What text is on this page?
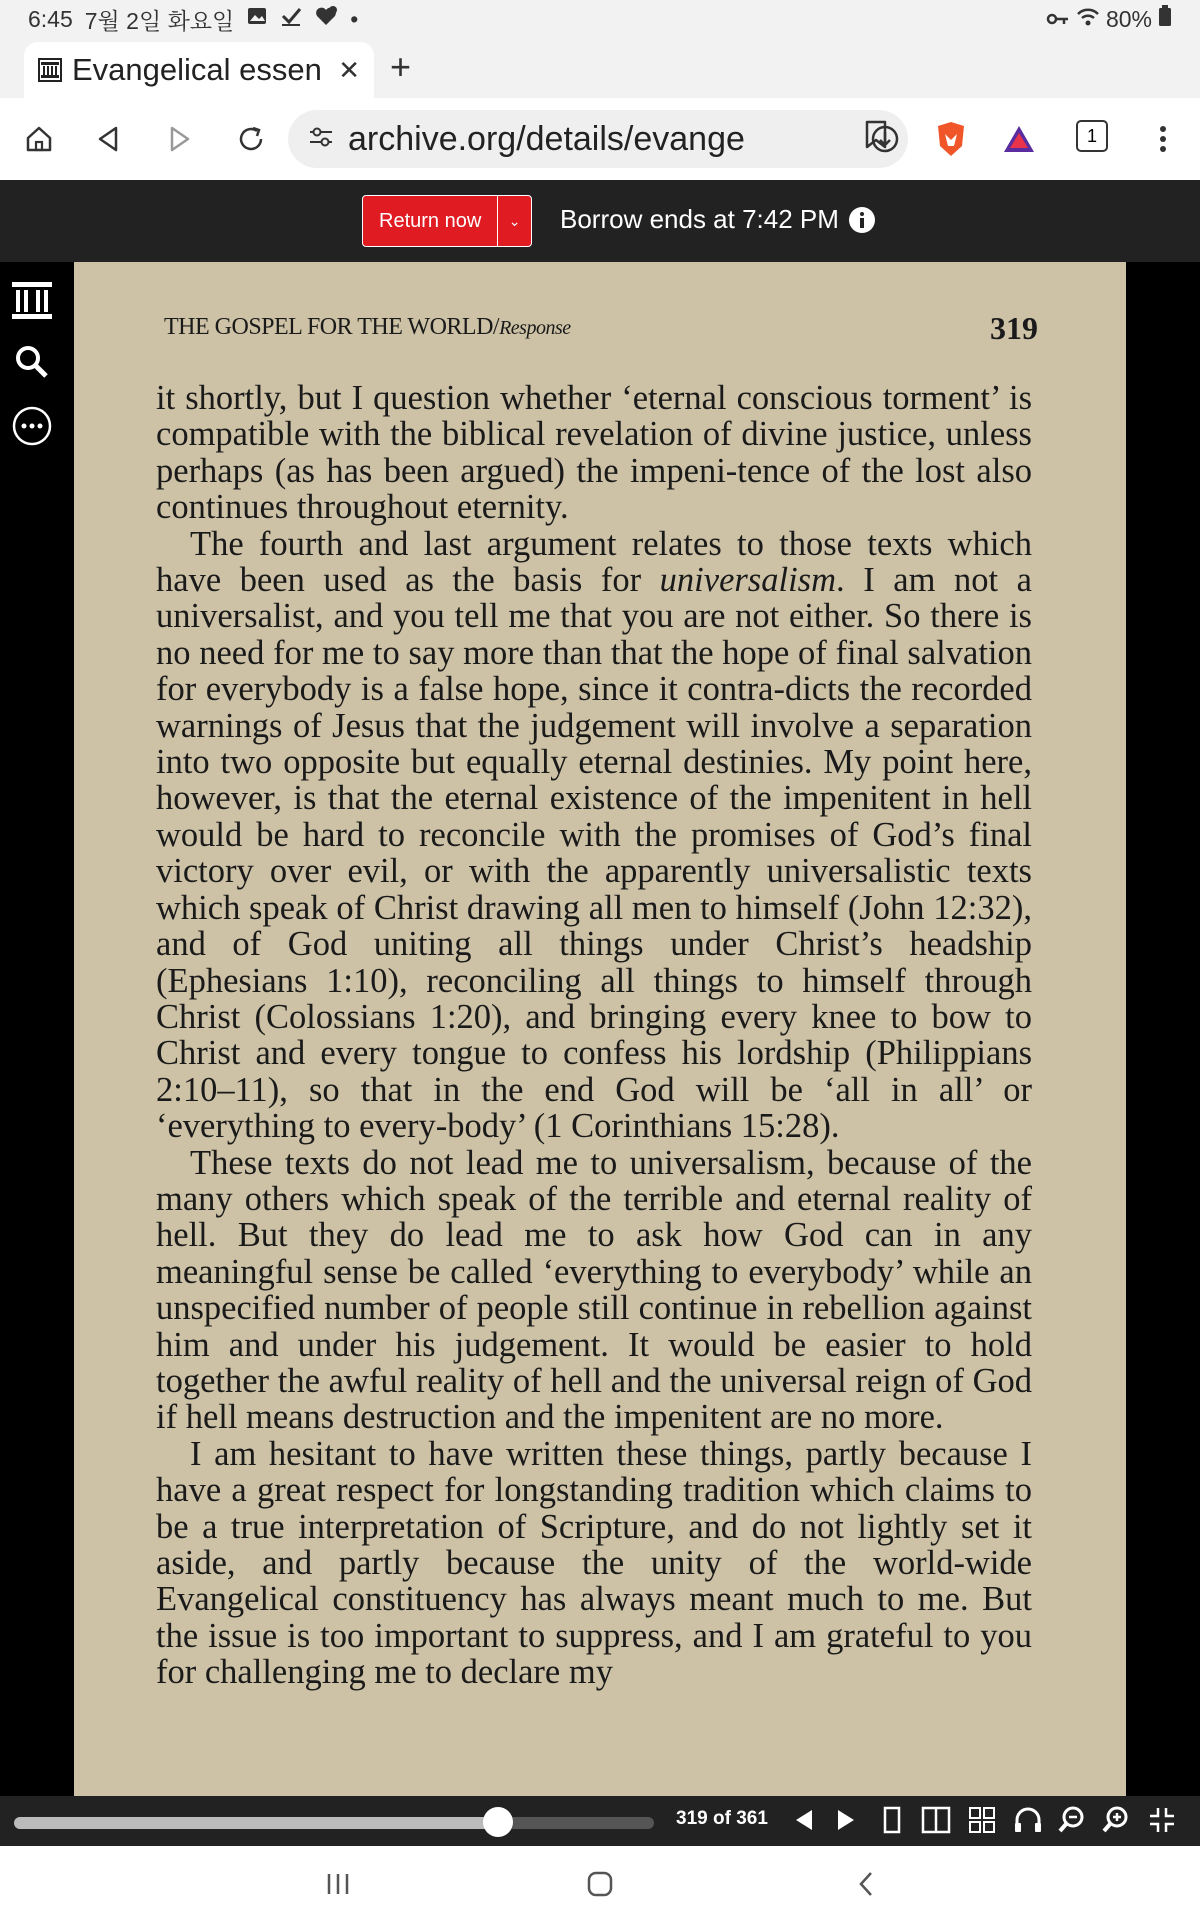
6:45 7월 2일 화요일	•	80%
Evangelical essen ✕ +
archive.org/details/evange	1
Return now	⌄	Borrow ends at 7:42 PM
THE GOSPEL FOR THE WORLD/Response	319

it shortly, but I question whether ‘eternal conscious torment’ is compatible with the biblical revelation of divine justice, unless perhaps (as has been argued) the impeni-tence of the lost also continues throughout eternity.

The fourth and last argument relates to those texts which have been used as the basis for universalism. I am not a universalist, and you tell me that you are not either. So there is no need for me to say more than that the hope of final salvation for everybody is a false hope, since it contra-dicts the recorded warnings of Jesus that the judgement will involve a separation into two opposite but equally eternal destinies. My point here, however, is that the eternal existence of the impenitent in hell would be hard to reconcile with the promises of God’s final victory over evil, or with the apparently universalistic texts which speak of Christ drawing all men to himself (John 12:32), and of God uniting all things under Christ’s headship (Ephesians 1:10), reconciling all things to himself through Christ (Colossians 1:20), and bringing every knee to bow to Christ and every tongue to confess his lordship (Philippians 2:10–11), so that in the end God will be ‘all in all’ or ‘everything to every-body’ (1 Corinthians 15:28).

These texts do not lead me to universalism, because of the many others which speak of the terrible and eternal reality of hell. But they do lead me to ask how God can in any meaningful sense be called ‘everything to everybody’ while an unspecified number of people still continue in rebellion against him and under his judgement. It would be easier to hold together the awful reality of hell and the universal reign of God if hell means destruction and the impenitent are no more.

I am hesitant to have written these things, partly because I have a great respect for longstanding tradition which claims to be a true interpretation of Scripture, and do not lightly set it aside, and partly because the unity of the world-wide Evangelical constituency has always meant much to me. But the issue is too important to suppress, and I am grateful to you for challenging me to declare my

319 of 361
